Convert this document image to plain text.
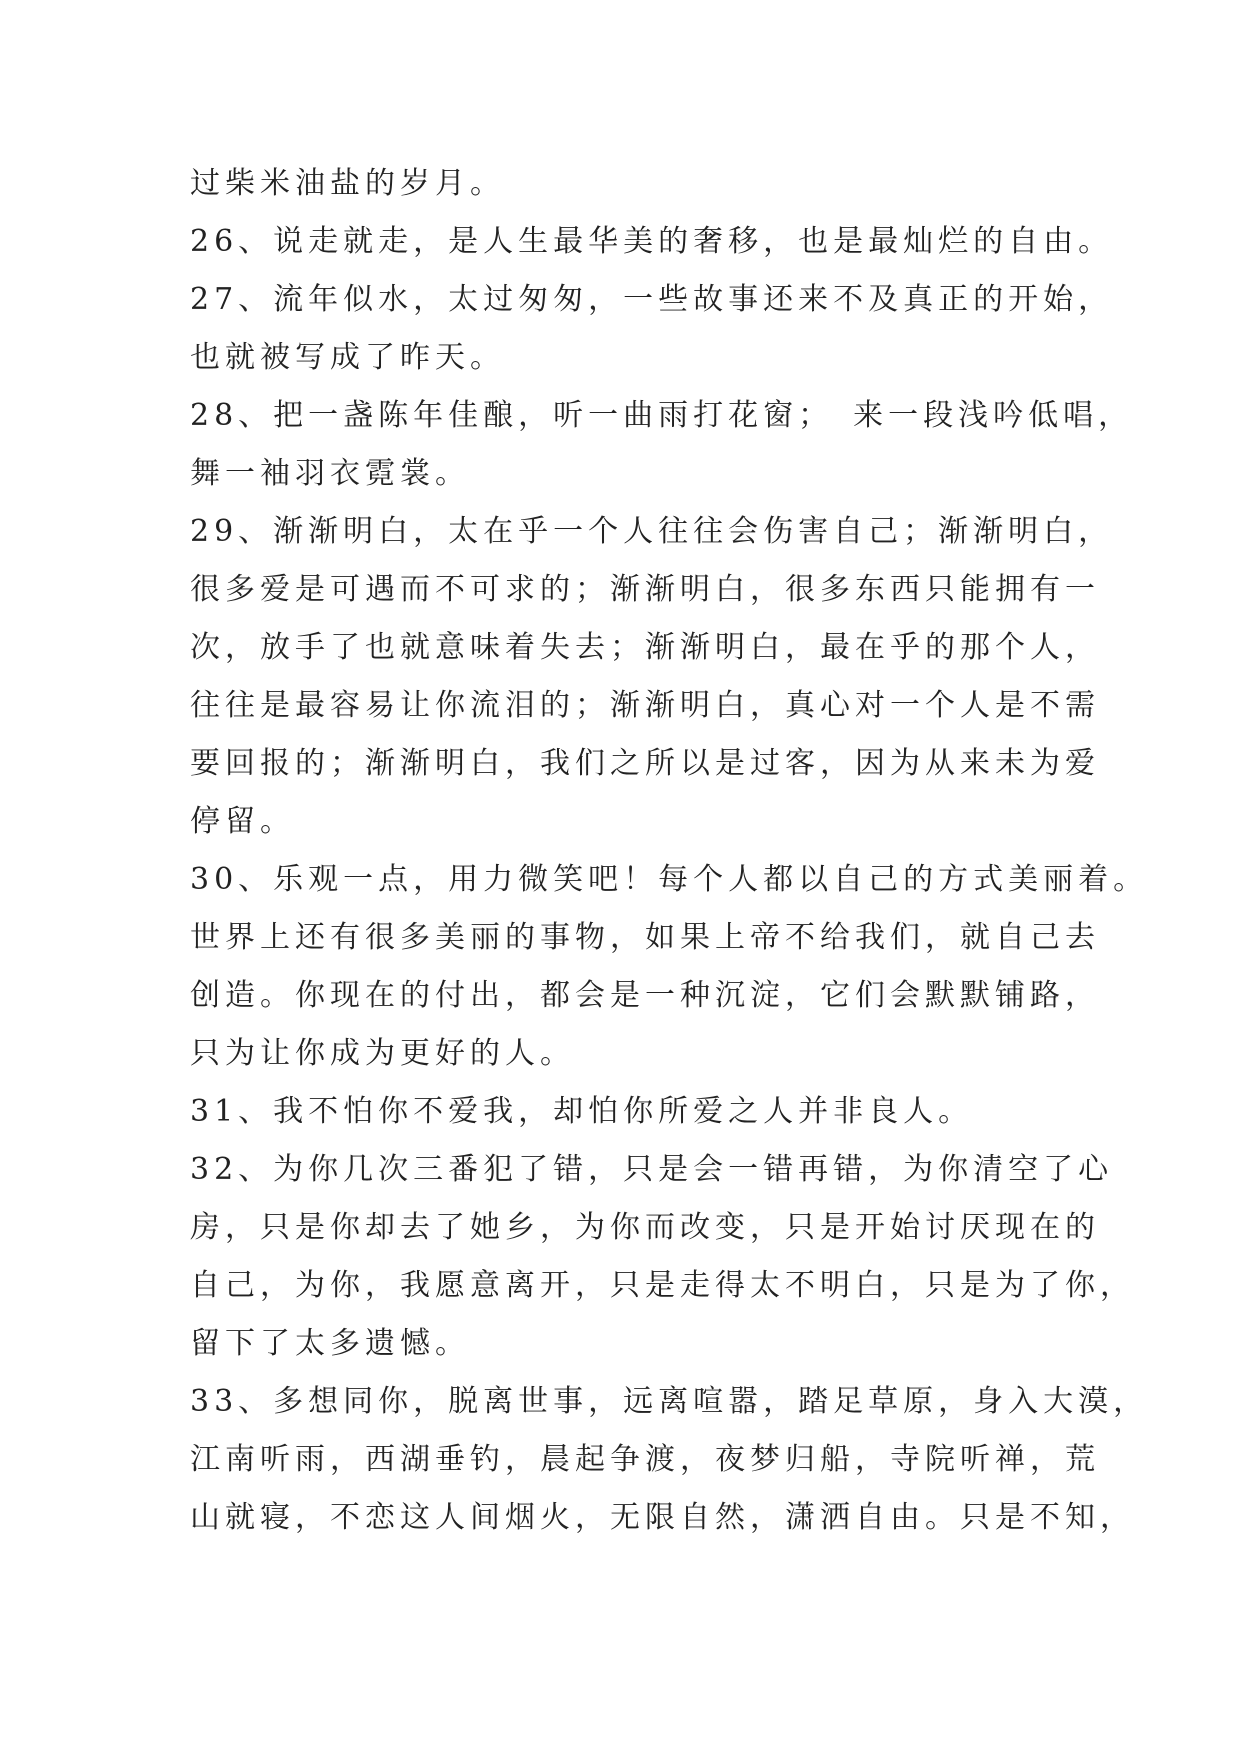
过柴米油盐的岁月。
26、说走就走，是人生最华美的奢移，也是最灿烂的自由。
27、流年似水，太过匆匆，一些故事还来不及真正的开始，
也就被写成了昨天。
28、把一盏陈年佳酿，听一曲雨打花窗；　来一段浅吟低唱，
舞一袖羽衣霓裳。
29、渐渐明白，太在乎一个人往往会伤害自己；渐渐明白，
很多爱是可遇而不可求的；渐渐明白，很多东西只能拥有一
次，放手了也就意味着失去；渐渐明白，最在乎的那个人，
往往是最容易让你流泪的；渐渐明白，真心对一个人是不需
要回报的；渐渐明白，我们之所以是过客，因为从来未为爱
停留。
30、乐观一点，用力微笑吧！每个人都以自己的方式美丽着。
世界上还有很多美丽的事物，如果上帝不给我们，就自己去
创造。你现在的付出，都会是一种沉淀，它们会默默铺路，
只为让你成为更好的人。
31、我不怕你不爱我，却怕你所爱之人并非良人。
32、为你几次三番犯了错，只是会一错再错，为你清空了心
房，只是你却去了她乡，为你而改变，只是开始讨厌现在的
自己，为你，我愿意离开，只是走得太不明白，只是为了你，
留下了太多遗憾。
33、多想同你，脱离世事，远离喧嚣，踏足草原，身入大漠，
江南听雨，西湖垂钓，晨起争渡，夜梦归船，寺院听禅，荒
山就寝，不恋这人间烟火，无限自然，潇洒自由。只是不知，
